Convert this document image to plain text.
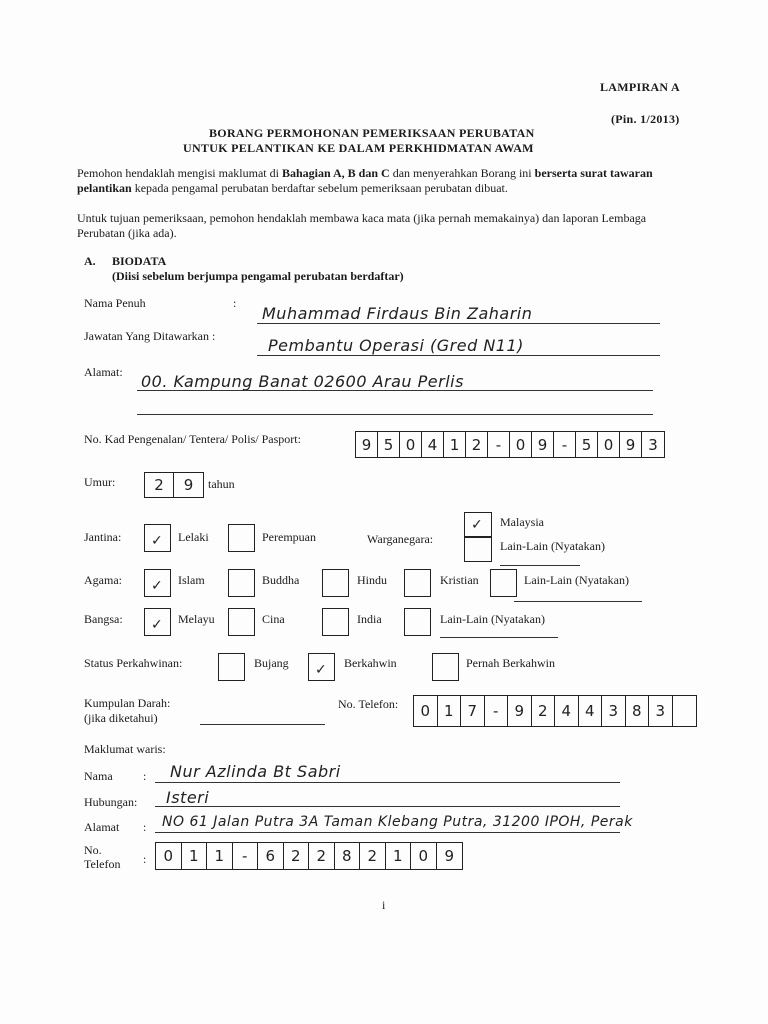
LAMPIRAN A
(Pin. 1/2013)
BORANG PERMOHONAN PEMERIKSAAN PERUBATAN
UNTUK PELANTIKAN KE DALAM PERKHIDMATAN AWAM
Pemohon hendaklah mengisi maklumat di Bahagian A, B dan C dan menyerahkan Borang ini berserta surat tawaran pelantikan kepada pengamal perubatan berdaftar sebelum pemeriksaan perubatan dibuat.
Untuk tujuan pemeriksaan, pemohon hendaklah membawa kaca mata (jika pernah memakainya) dan laporan Lembaga Perubatan (jika ada).
A. BIODATA
(Diisi sebelum berjumpa pengamal perubatan berdaftar)
Nama Penuh	:
Muhammad Firdaus Bin Zaharin
Jawatan Yang Ditawarkan :	Pembantu Operasi (Gred N11)
Alamat: 00. Kampung Banat 02600 Arau Perlis
No. Kad Pengenalan/ Tentera/ Polis/ Pasport:	9 5 0 4 1 2 - 0 9 - 5 0 9 3
Umur:	2	9	tahun
Jantina: ✓ Lelaki	Perempuan	Warganegara:
✓ Malaysia
Lain-Lain (Nyatakan)
Agama: ✓ Islam	Buddha	Hindu	Kristian	Lain-Lain (Nyatakan)
Bangsa: ✓ Melayu	Cina	India	Lain-Lain (Nyatakan)
Status Perkahwinan:	Bujang ✓ Berkahwin	Pernah Berkahwin
Kumpulan Darah:
(jika diketahui)
No. Telefon:	0 1 7	-	9 2 4 4 3 8 3
Maklumat waris:
Nama	: Nur Azlinda Bt Sabri
Hubungan: Isteri
Alamat : NO 61 Jalan Putra 3A Taman Klebang Putra, 31200 IPOH, Perak
No.
Telefon :	0	1	1	-	6	2	2	8	2	1	0	9
i
